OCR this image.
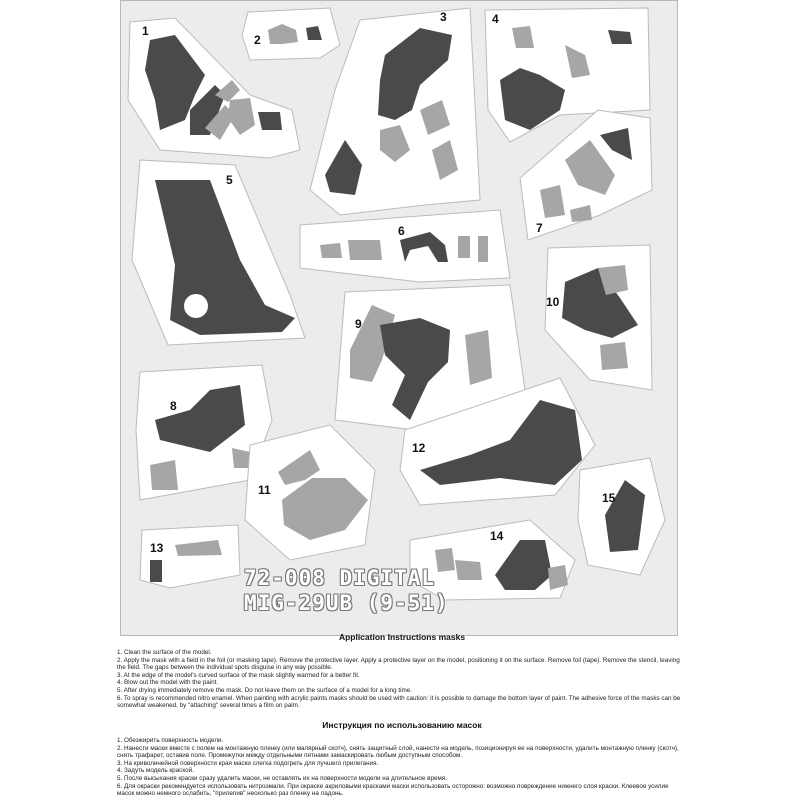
1
2
3	4
5
6	7
8
9
10
11
12
13
14
15
72-008 DIGITAL
MIG-29UB (9-51)
Application Instructions masks

1. Clean the surface of the model.

2. Apply the mask with a field in the foil (or masking tape). Remove the protective layer. Apply a protective layer on the model, positioning it on the surface. Remove foil (tape). Remove the stencil, leaving the field. The gaps between the individual spots disguise in any way possible.

3. At the edge of the model's curved surface of the mask slightly warmed for a better fit.

4. Blow out the model with the paint.

5. After drying immediately remove the mask. Do not leave them on the surface of a model for a long time.

6. To spray is recommended nitro enamel. When painting with acrylic paints masks should be used with caution: it is possible to damage the bottom layer of paint. The adhesive force of the masks can be somewhat weakened, by "attaching" several times a film on palm.

Инструкция по использованию масок

1. Обезжирить поверхность модели.

2. Нанести маски вместе с полем на монтажную пленку (или малярный скотч), снять защитный слой, нанести на модель, позиционируя ее на поверхности, удалить монтажную пленку (скотч), снять трафарет, оставив поле. Промежутки между отдельными пятнами замаскировать любым доступным способом.

3. На криволинейной поверхности края маски слегка подогреть для лучшего прилегания.

4. Задуть модель краской.

5. После высыхания краски сразу удалить маски, не оставлять их на поверхности модели на длительное время.

6. Для окраски рекомендуется использовать нитроэмали. При окраске акриловыми красками маски использовать осторожно: возможно повреждение нижнего слоя краски. Клеевое усилие масок можно немного ослабить, "прилепив" несколько раз пленку на ладонь.
